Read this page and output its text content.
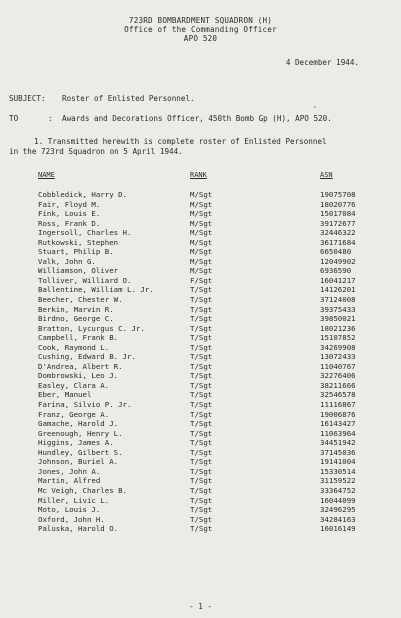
723RD BOMBARDMENT SQUADRON (H)
Office of the Commanding Officer
APO 520
4 December 1944.
SUBJECT: Roster of Enlisted Personnel.
,
TO	: Awards and Decorations Officer, 450th Bomb Gp (H), APO 520.
1. Transmitted herewith is complete roster of Enlisted Personnel
in the 723rd Squadron on 5 April 1944.
NAME	RANK	ASN
Cobbledick, Harry D.	M/Sgt	19075708
Fair, Floyd M.	M/Sgt	18020776
Fink, Louis E.	M/Sgt	15017084
Ross, Frank D.	M/Sgt	39172677
Ingersoll, Charles H.	M/Sgt	32446322
Rutkowski, Stephen	M/Sgt	36171684
Stuart, Philip B.	M/Sgt	6650480
Valk, John G.	M/Sgt	12049902
Williamson, Oliver	M/Sgt	6936590
Tolliver, Williard O.	F/Sgt	16041217
Ballentine, William L. Jr.	T/Sgt	14126201
Beecher, Chester W.	T/Sgt	37124008
Berkin, Marvin R.	T/Sgt	39375433
Birdno, George C.	T/Sgt	39850021
Bratton, Lycurgus C. Jr.	T/Sgt	18021236
Campbell, Frank B.	T/Sgt	15107852
Cook, Raymond L.	T/Sgt	34269908
Cushing, Edward B. Jr.	T/Sgt	13072433
D'Andrea, Albert R.	T/Sgt	11040767
Dombrowski, Leo J.	T/Sgt	32276406
Easley, Clara A.	T/Sgt	38211666
Eber, Manuel	T/Sgt	32546578
Farina, Silvio P. Jr.	T/Sgt	11116867
Franz, George A.	T/Sgt	19006876
Gamache, Harold J.	T/Sgt	16143427
Greenough, Henry L.	T/Sgt	11063964
Higgins, James A.	T/Sgt	34451942
Hundley, Gilbert S.	T/Sgt	37145036
Johnson, Buriel A.	T/Sgt	19141004
Jones, John A.	T/Sgt	15330514
Martin, Alfred	T/Sgt	31159522
Mc Veigh, Charles B.	T/Sgt	33364752
Miller, Livic L.	T/Sgt	16044099
Moto, Louis J.	T/Sgt	32496295
Oxford, John H.	T/Sgt	34284163
Paluska, Harold O.	T/Sgt	16016149
- 1 -
